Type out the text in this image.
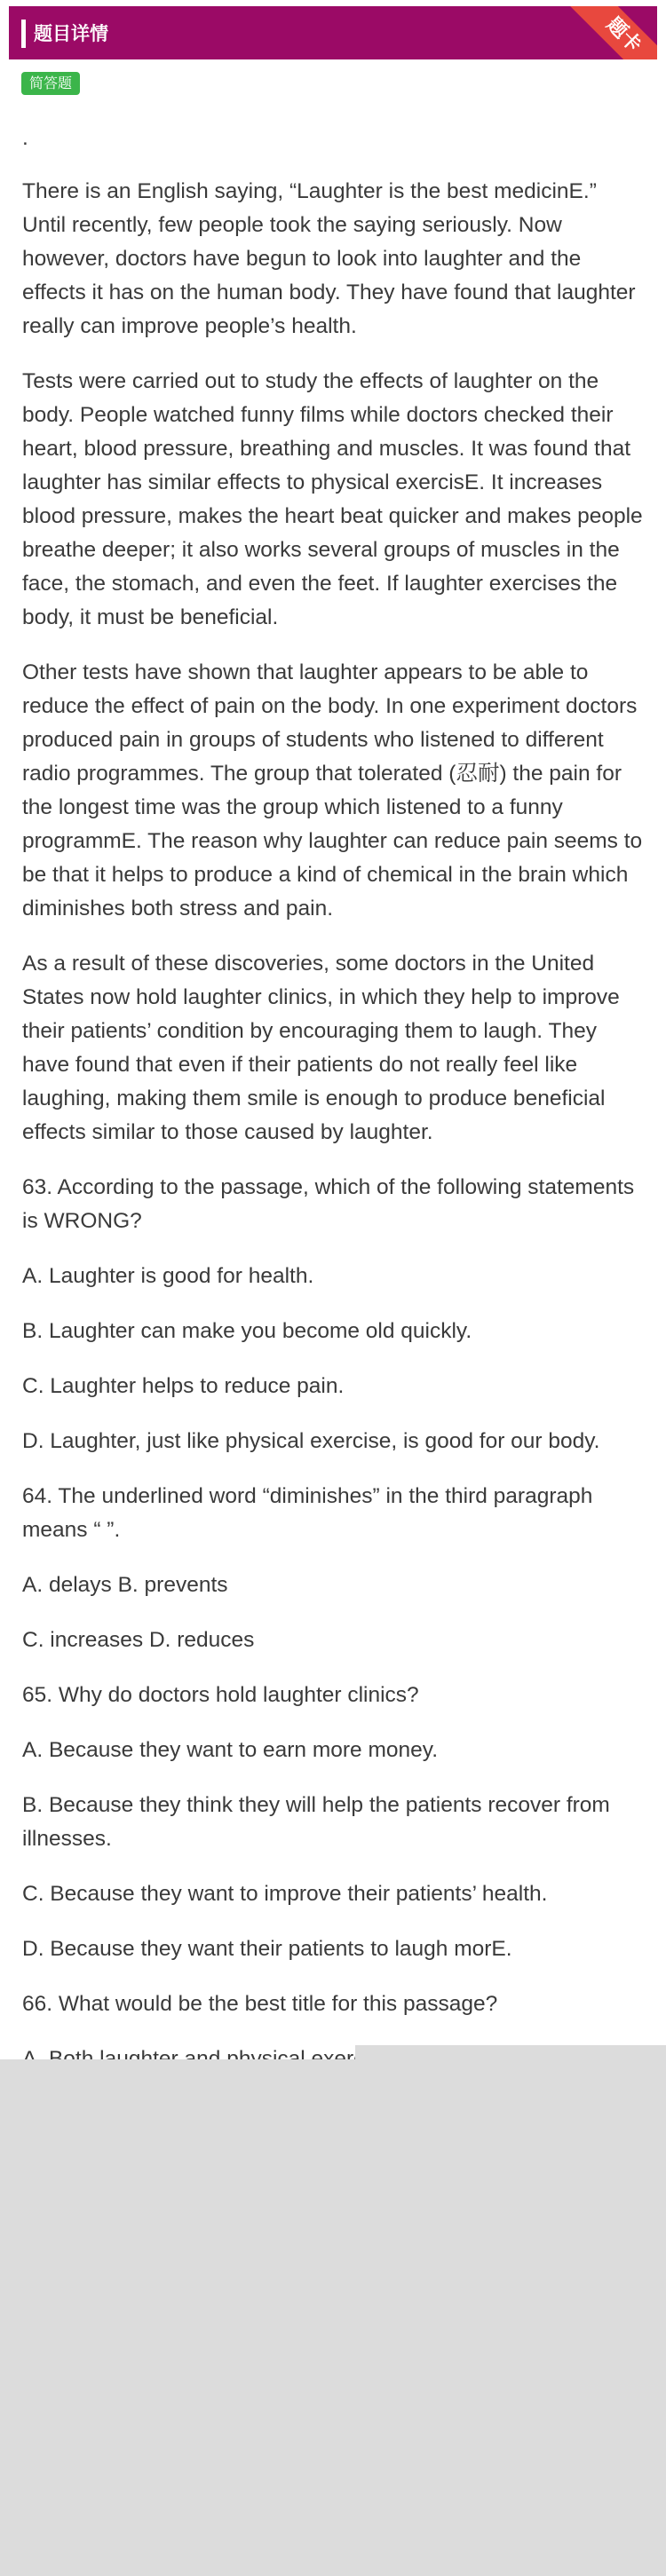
题目详情	题卡
简答题

.

There is an English saying, “Laughter is the best medicinE.” Until recently, few people took the saying seriously. Now however, doctors have begun to look into laughter and the effects it has on the human body. They have found that laughter really can improve people’s health.

Tests were carried out to study the effects of laughter on the body. People watched funny films while doctors checked their heart, blood pressure, breathing and muscles. It was found that laughter has similar effects to physical exercisE. It increases blood pressure, makes the heart beat quicker and makes people breathe deeper; it also works several groups of muscles in the face, the stomach, and even the feet. If laughter exercises the body, it must be beneficial.

Other tests have shown that laughter appears to be able to reduce the effect of pain on the body. In one experiment doctors produced pain in groups of students who listened to different radio programmes. The group that tolerated (忍耐) the pain for the longest time was the group which listened to a funny programmE. The reason why laughter can reduce pain seems to be that it helps to produce a kind of chemical in the brain which diminishes both stress and pain.

As a result of these discoveries, some doctors in the United States now hold laughter clinics, in which they help to improve their patients’ condition by encouraging them to laugh. They have found that even if their patients do not really feel like laughing, making them smile is enough to produce beneficial effects similar to those caused by laughter.

63. According to the passage, which of the following statements is WRONG?

A. Laughter is good for health.

B. Laughter can make you become old quickly.

C. Laughter helps to reduce pain.

D. Laughter, just like physical exercise, is good for our body.

64. The underlined word “diminishes” in the third paragraph means “ ”.

A. delays B. prevents

C. increases D. reduces

65. Why do doctors hold laughter clinics?

A. Because they want to earn more money.

B. Because they think they will help the patients recover from illnesses.

C. Because they want to improve their patients’ health.

D. Because they want their patients to laugh morE.

66. What would be the best title for this passage?
